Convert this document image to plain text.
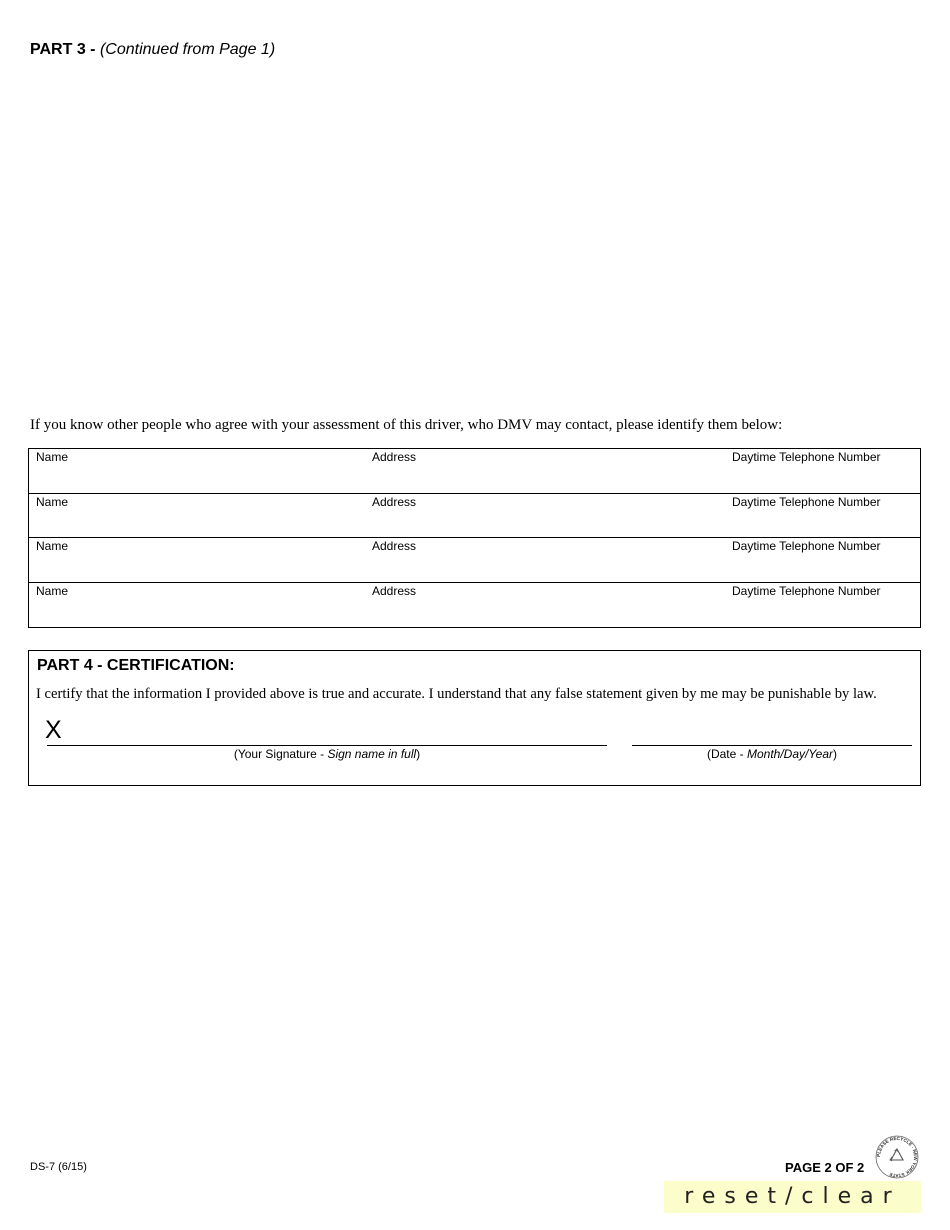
PART 3 - (Continued from Page 1)
If you know other people who agree with your assessment of this driver, who DMV may contact, please identify them below:
Name	Address	Daytime Telephone Number
Name	Address	Daytime Telephone Number
Name	Address	Daytime Telephone Number
Name	Address	Daytime Telephone Number
PART 4 - CERTIFICATION:
I certify that the information I provided above is true and accurate. I understand that any false statement given by me may be punishable by law.
X
(Your Signature - Sign name in full)	(Date - Month/Day/Year)
DS-7 (6/15)	PAGE 2 OF 2
PLEASE RECYCLE · NEW YORK STATE
reset/clear
